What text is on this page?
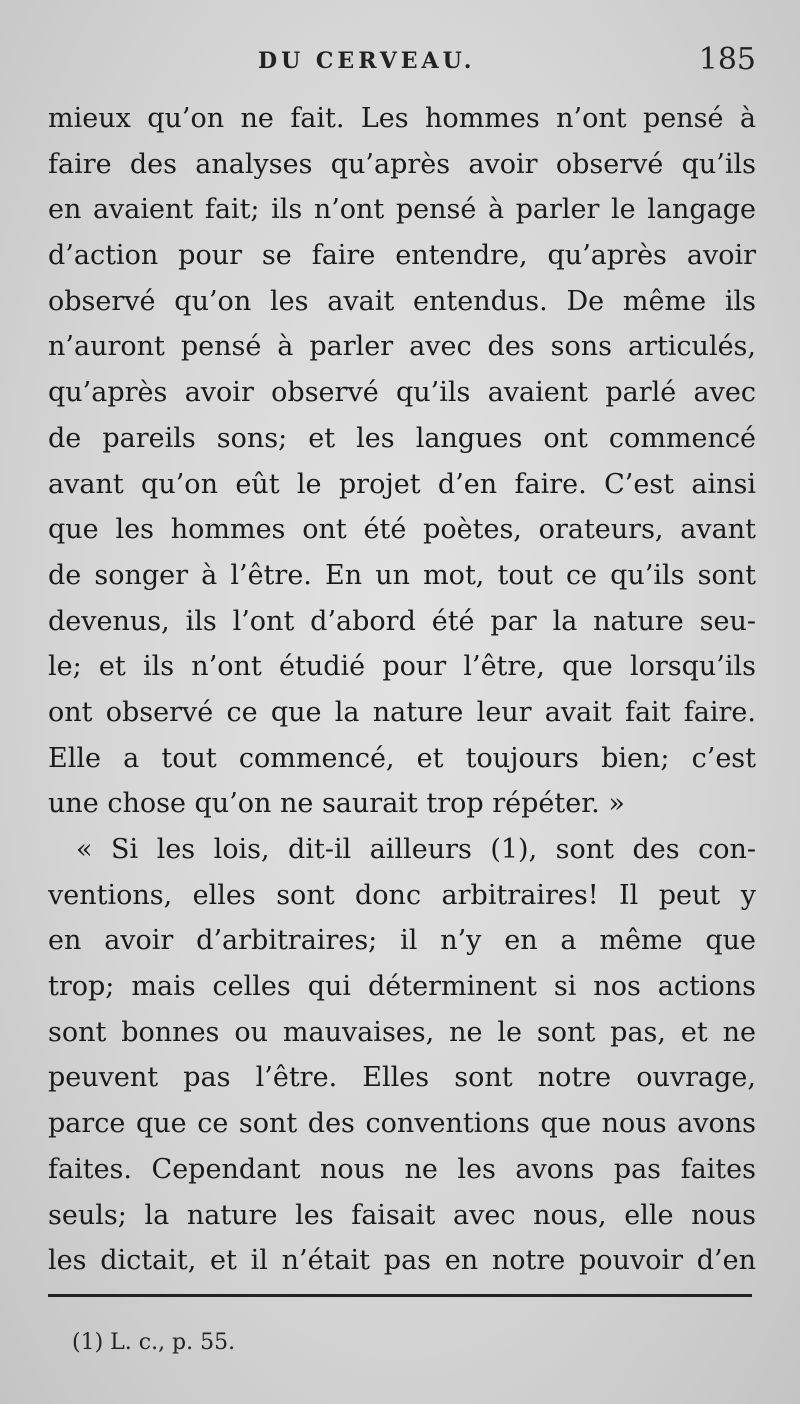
DU CERVEAU.	185
mieux qu’on ne fait. Les hommes n’ont pensé à
faire des analyses qu’après avoir observé qu’ils
en avaient fait; ils n’ont pensé à parler le langage
d’action pour se faire entendre, qu’après avoir
observé qu’on les avait entendus. De même ils
n’auront pensé à parler avec des sons articulés,
qu’après avoir observé qu’ils avaient parlé avec
de pareils sons; et les langues ont commencé
avant qu’on eût le projet d’en faire. C’est ainsi
que les hommes ont été poètes, orateurs, avant
de songer à l’être. En un mot, tout ce qu’ils sont
devenus, ils l’ont d’abord été par la nature seu-
le; et ils n’ont étudié pour l’être, que lorsqu’ils
ont observé ce que la nature leur avait fait faire.
Elle a tout commencé, et toujours bien; c’est
une chose qu’on ne saurait trop répéter. »
« Si les lois, dit-il ailleurs (1), sont des con-
ventions, elles sont donc arbitraires! Il peut y
en avoir d’arbitraires; il n’y en a même que
trop; mais celles qui déterminent si nos actions
sont bonnes ou mauvaises, ne le sont pas, et ne
peuvent pas l’être. Elles sont notre ouvrage,
parce que ce sont des conventions que nous avons
faites. Cependant nous ne les avons pas faites
seuls; la nature les faisait avec nous, elle nous
les dictait, et il n’était pas en notre pouvoir d’en
(1) L. c., p. 55.
